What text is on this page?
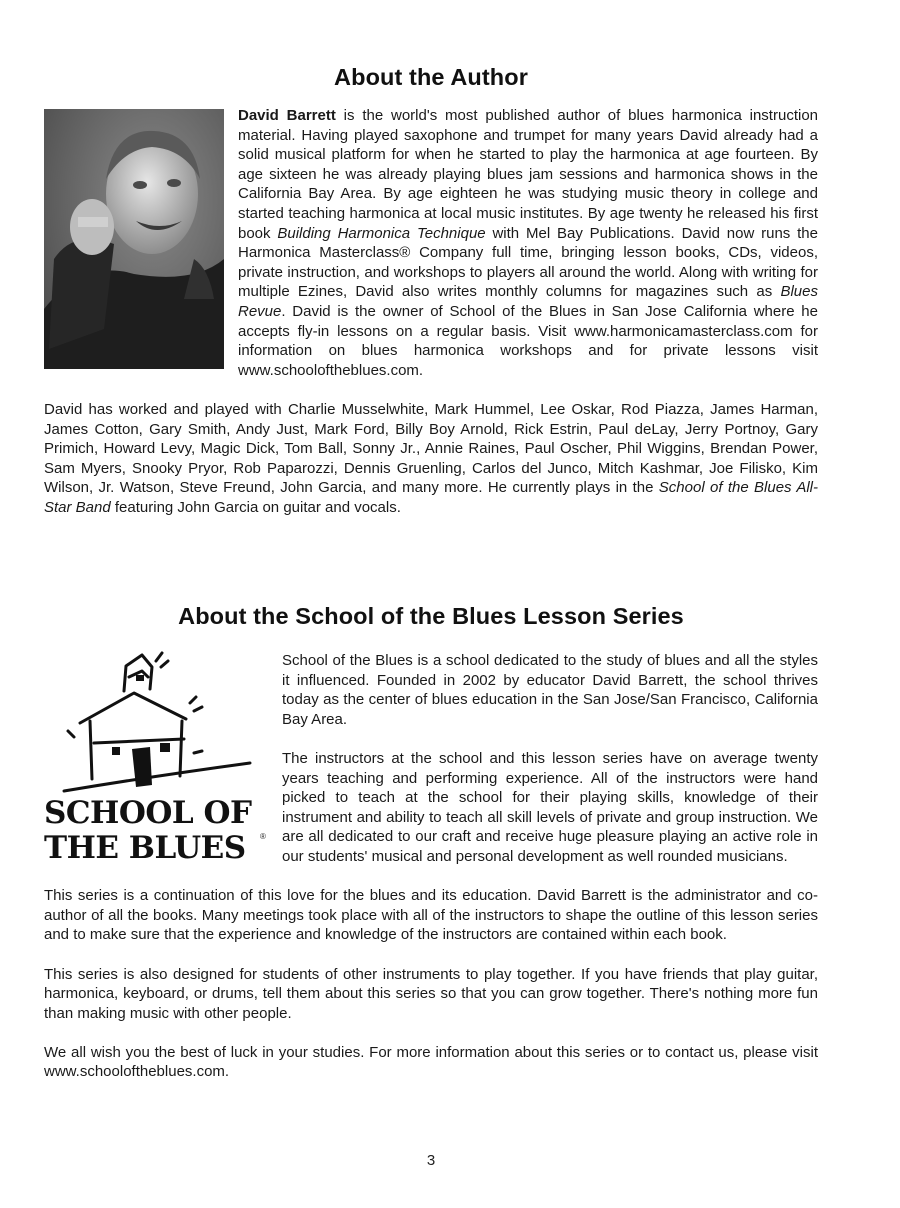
About the Author

David Barrett is the world's most published author of blues harmonica instruction material. Having played saxophone and trumpet for many years David already had a solid musical platform for when he started to play the harmonica at age fourteen. By age sixteen he was already playing blues jam sessions and harmonica shows in the California Bay Area. By age eighteen he was studying music theory in college and started teaching harmonica at local music institutes. By age twenty he released his first book Building Harmonica Technique with Mel Bay Publications. David now runs the Harmonica Masterclass® Company full time, bringing lesson books, CDs, videos, private instruction, and workshops to players all around the world. Along with writing for multiple Ezines, David also writes monthly columns for magazines such as Blues Revue. David is the owner of School of the Blues in San Jose California where he accepts fly-in lessons on a regular basis. Visit www.harmonicamasterclass.com for information on blues harmonica workshops and for private lessons visit www.schooloftheblues.com.

David has worked and played with Charlie Musselwhite, Mark Hummel, Lee Oskar, Rod Piazza, James Harman, James Cotton, Gary Smith, Andy Just, Mark Ford, Billy Boy Arnold, Rick Estrin, Paul deLay, Jerry Portnoy, Gary Primich, Howard Levy, Magic Dick, Tom Ball, Sonny Jr., Annie Raines, Paul Oscher, Phil Wiggins, Brendan Power, Sam Myers, Snooky Pryor, Rob Paparozzi, Dennis Gruenling, Carlos del Junco, Mitch Kashmar, Joe Filisko, Kim Wilson, Jr. Watson, Steve Freund, John Garcia, and many more. He currently plays in the School of the Blues All-Star Band featuring John Garcia on guitar and vocals.

About the School of the Blues Lesson Series
SCHOOL OF
THE BLUES	®

School of the Blues is a school dedicated to the study of blues and all the styles it influenced. Founded in 2002 by educator David Barrett, the school thrives today as the center of blues education in the San Jose/San Francisco, California Bay Area.

The instructors at the school and this lesson series have on average twenty years teaching and performing experience. All of the instructors were hand picked to teach at the school for their playing skills, knowledge of their instrument and ability to teach all skill levels of private and group instruction. We are all dedicated to our craft and receive huge pleasure playing an active role in our students' musical and personal development as well rounded musicians.

This series is a continuation of this love for the blues and its education. David Barrett is the administrator and co-author of all the books. Many meetings took place with all of the instructors to shape the outline of this lesson series and to make sure that the experience and knowledge of the instructors are contained within each book.

This series is also designed for students of other instruments to play together. If you have friends that play guitar, harmonica, keyboard, or drums, tell them about this series so that you can grow together. There's nothing more fun than making music with other people.

We all wish you the best of luck in your studies. For more information about this series or to contact us, please visit www.schooloftheblues.com.

3
